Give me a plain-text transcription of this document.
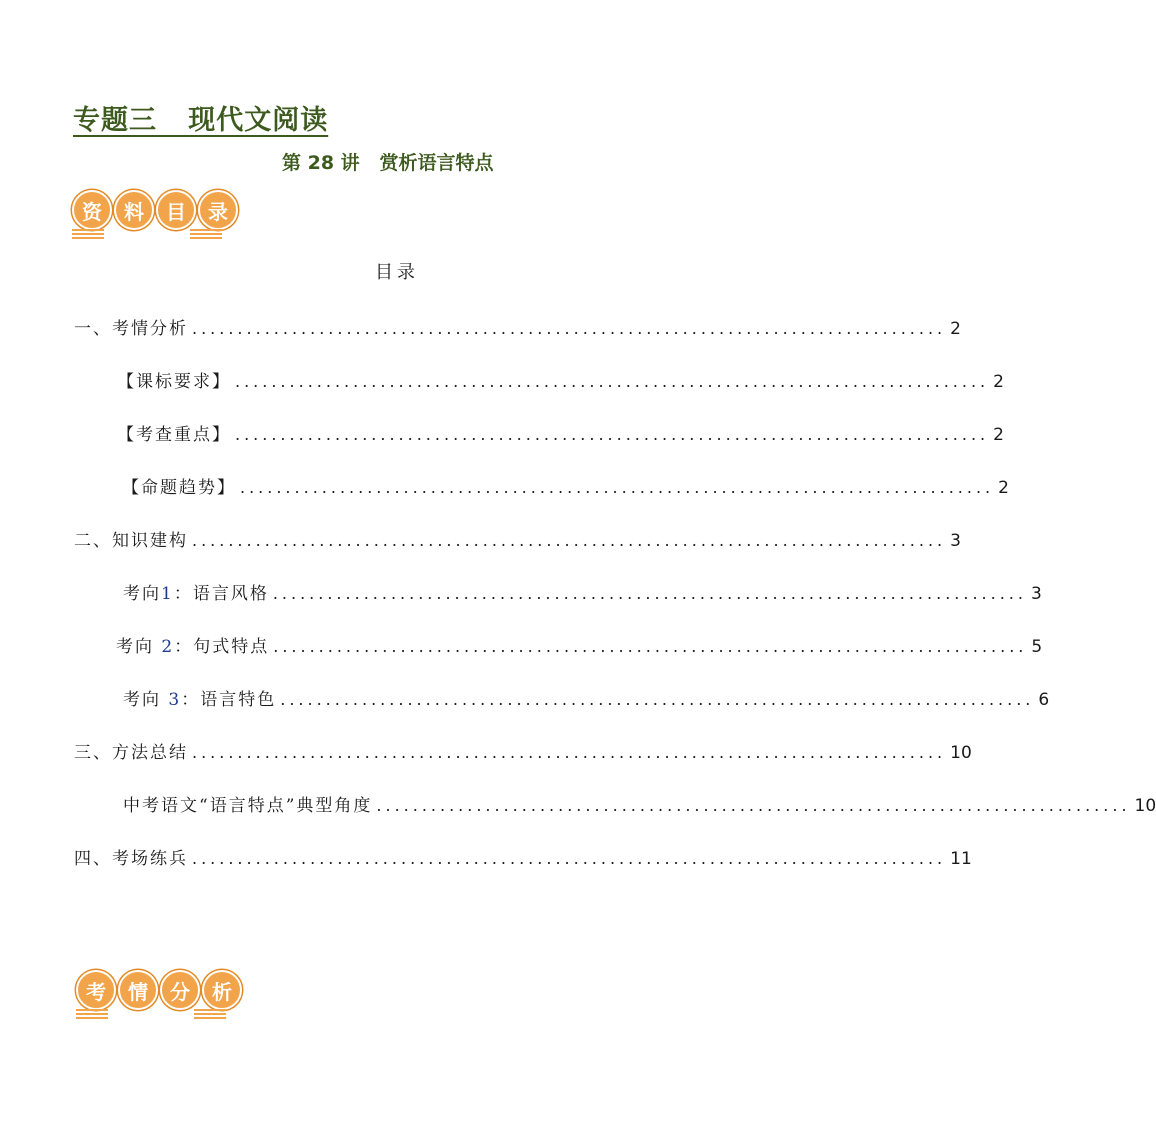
专题三   现代文阅读
第 28 讲   赏析语言特点
资	料	目	录
目录
一、考情分析 ................................................................................... 2
【课标要求】 ................................................................................... 2
【考查重点】 ................................................................................... 2
【命题趋势】 ................................................................................... 2
二、知识建构 ................................................................................... 3
考向1：语言风格 ................................................................................... 3
考向 2：句式特点 ................................................................................... 5
考向 3：语言特色 ................................................................................... 6
三、方法总结 ................................................................................... 10
中考语文“语言特点”典型角度 ................................................................................... 10
四、考场练兵 ................................................................................... 11
考	情	分	析
